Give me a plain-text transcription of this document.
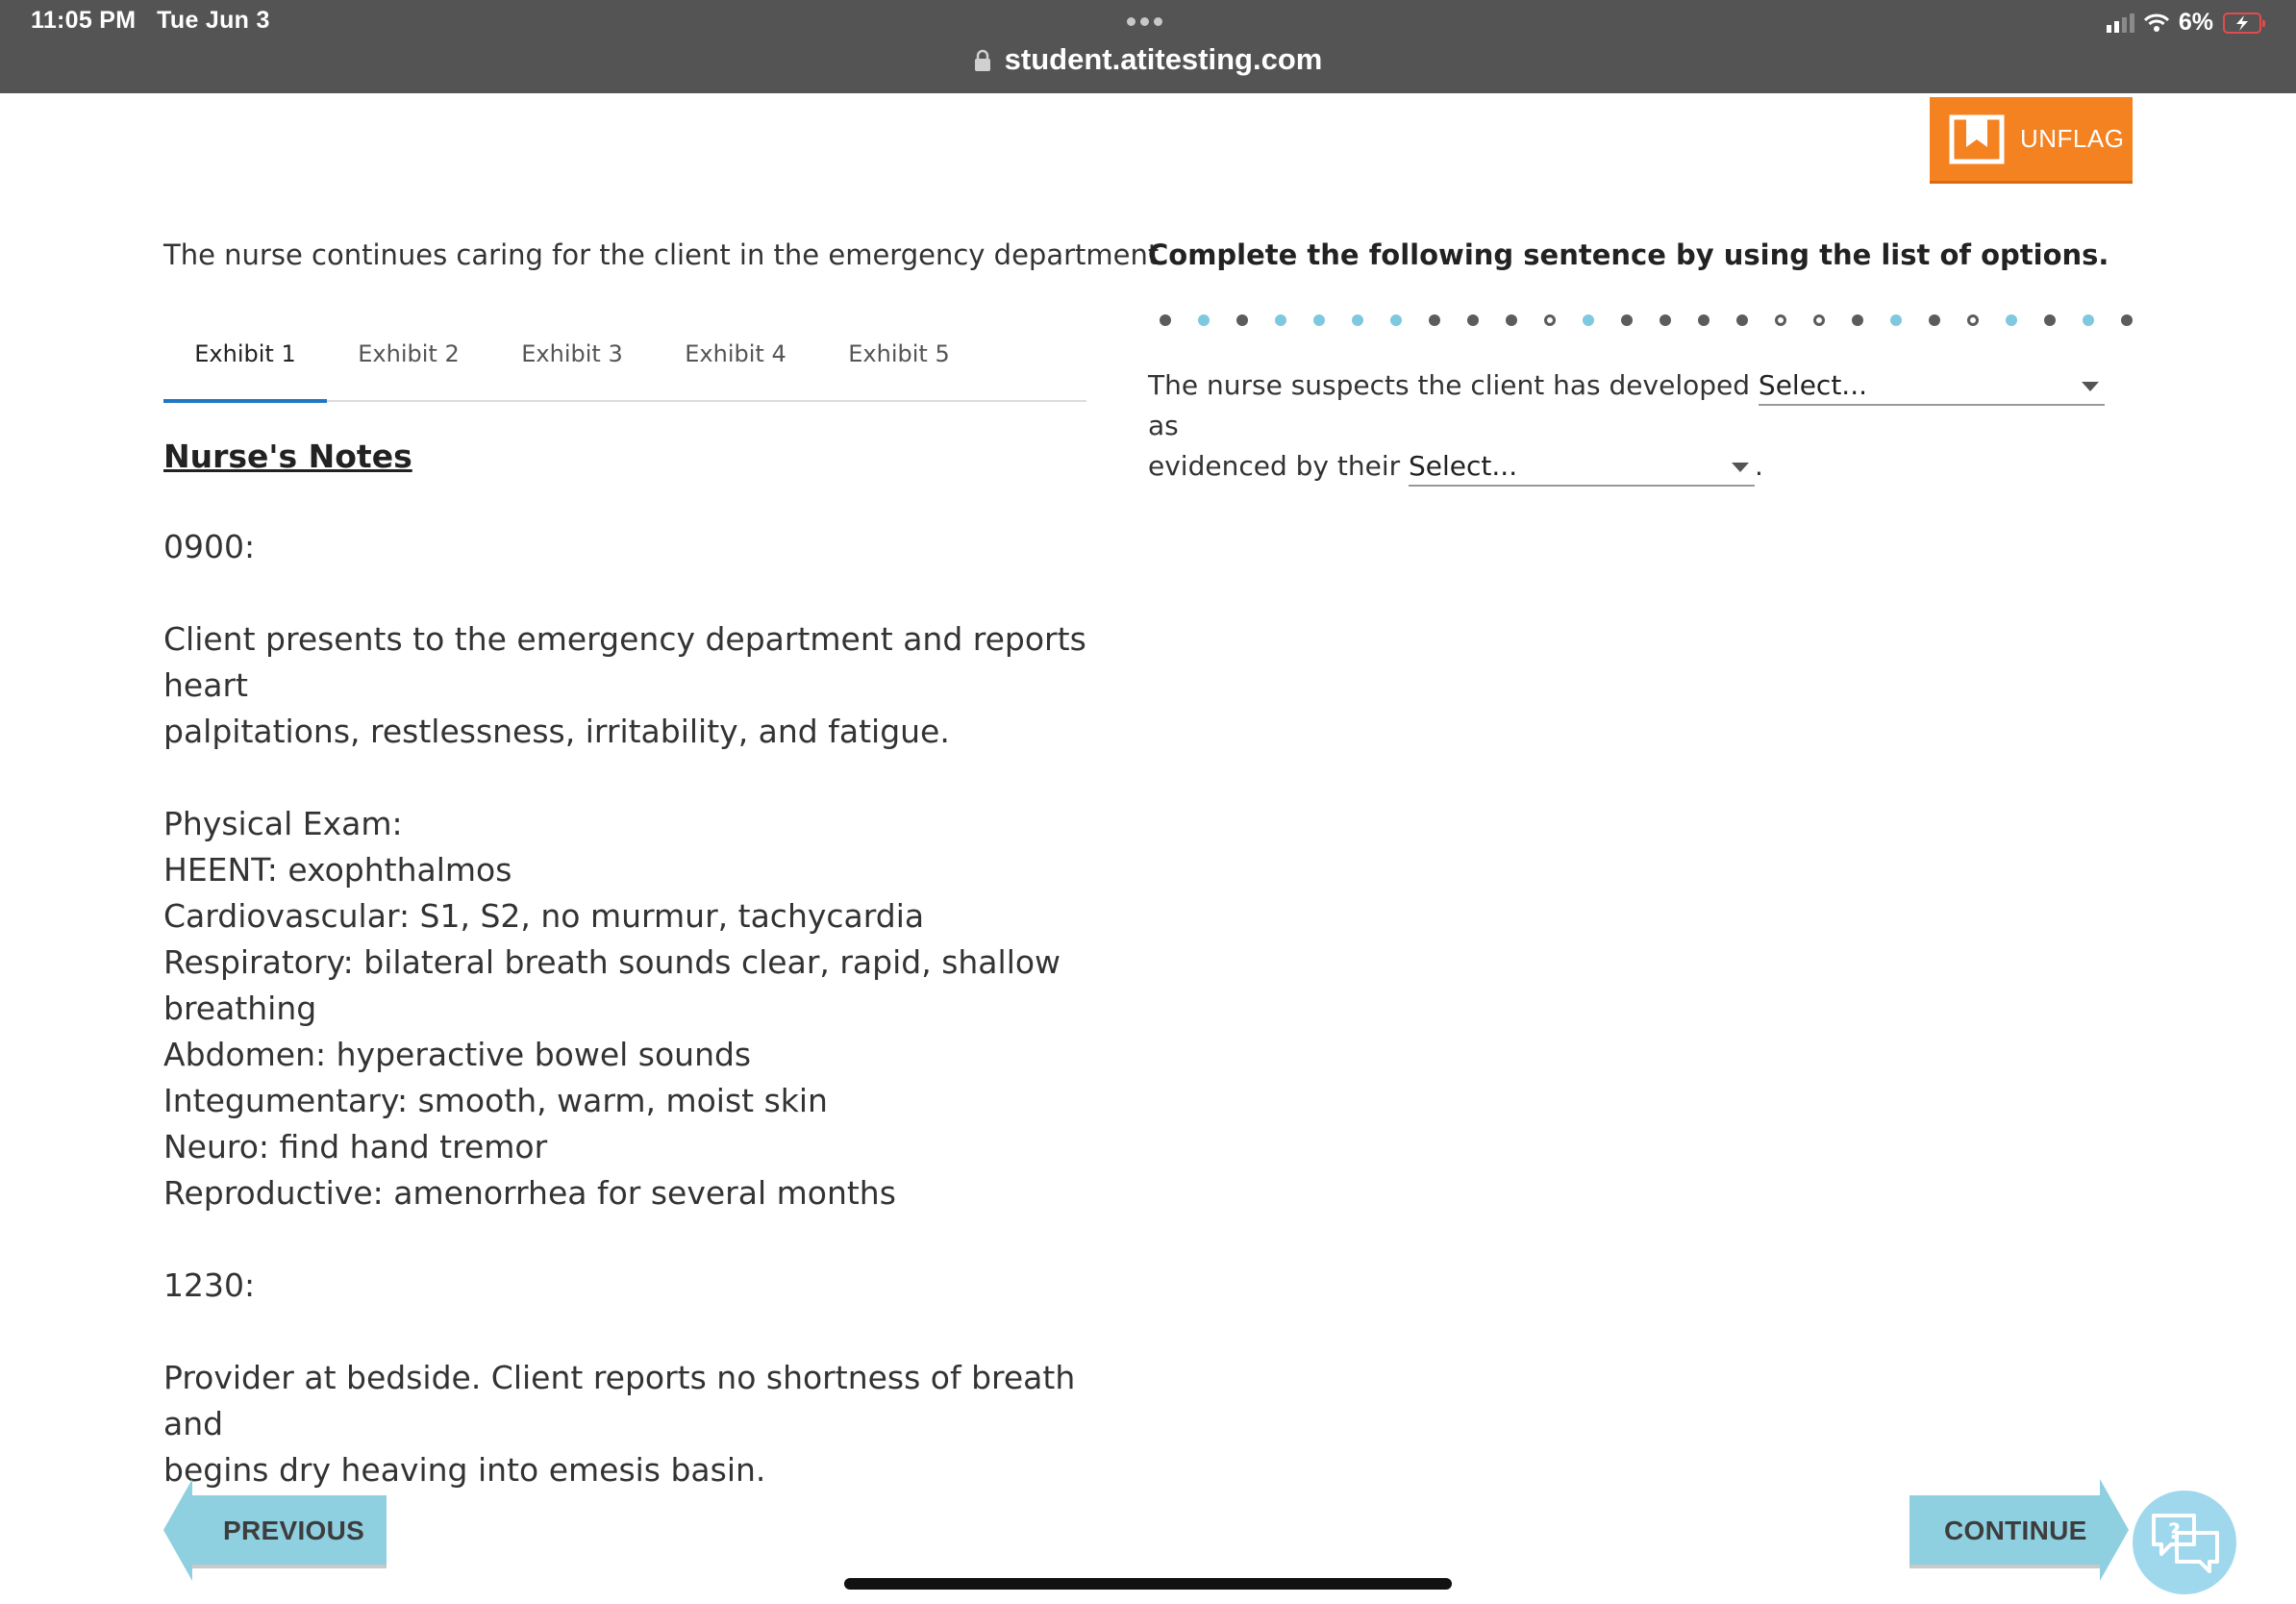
11:05 PM Tue Jun 3
student.atitesting.com
6%
UNFLAG
The nurse continues caring for the client in the emergency department.
Exhibit 1	Exhibit 2	Exhibit 3	Exhibit 4	Exhibit 5
Nurse's Notes

0900:

Client presents to the emergency department and reports heart

palpitations, restlessness, irritability, and fatigue.

Physical Exam:

HEENT: exophthalmos

Cardiovascular: S1, S2, no murmur, tachycardia

Respiratory: bilateral breath sounds clear, rapid, shallow

breathing

Abdomen: hyperactive bowel sounds

Integumentary: smooth, warm, moist skin

Neuro: find hand tremor

Reproductive: amenorrhea for several months

1230:

Provider at bedside. Client reports no shortness of breath and

begins dry heaving into emesis basin.

Complete the following sentence by using the list of options.
The nurse suspects the client has developed Select...
as
evidenced by their Select...	.
PREVIOUS	CONTINUE	?
